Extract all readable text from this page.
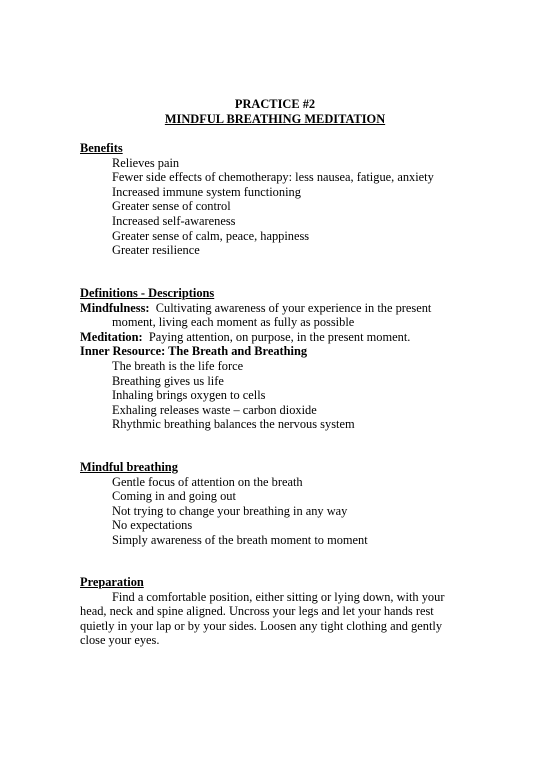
PRACTICE #2
MINDFUL BREATHING MEDITATION
Benefits
Relieves pain
Fewer side effects of chemotherapy: less nausea, fatigue, anxiety
Increased immune system functioning
Greater sense of control
Increased self-awareness
Greater sense of calm, peace, happiness
Greater resilience
Definitions - Descriptions
Mindfulness: Cultivating awareness of your experience in the present moment, living each moment as fully as possible
Meditation: Paying attention, on purpose, in the present moment.
Inner Resource: The Breath and Breathing
The breath is the life force
Breathing gives us life
Inhaling brings oxygen to cells
Exhaling releases waste – carbon dioxide
Rhythmic breathing balances the nervous system
Mindful breathing
Gentle focus of attention on the breath
Coming in and going out
Not trying to change your breathing in any way
No expectations
Simply awareness of the breath moment to moment
Preparation
Find a comfortable position, either sitting or lying down, with your head, neck and spine aligned. Uncross your legs and let your hands rest quietly in your lap or by your sides. Loosen any tight clothing and gently close your eyes.
